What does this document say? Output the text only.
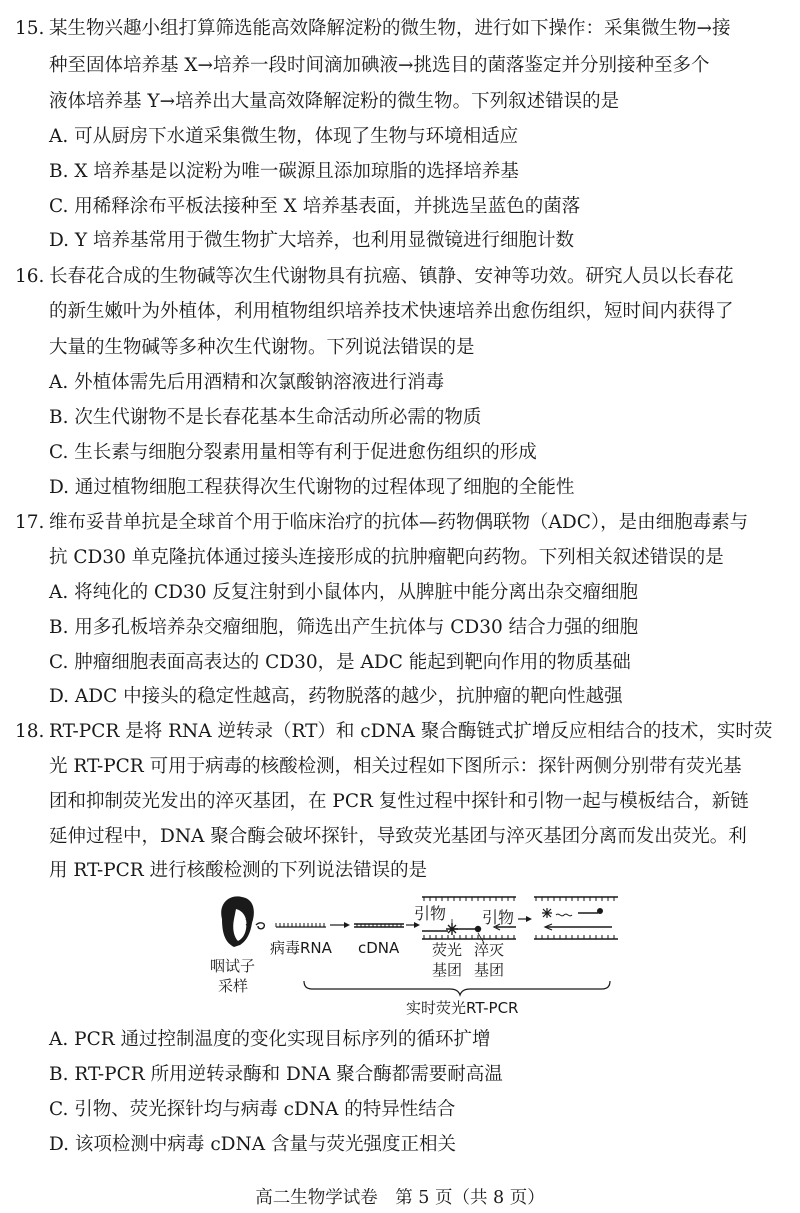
15. 某生物兴趣小组打算筛选能高效降解淀粉的微生物，进行如下操作：采集微生物→接
种至固体培养基 X→培养一段时间滴加碘液→挑选目的菌落鉴定并分别接种至多个
液体培养基 Y→培养出大量高效降解淀粉的微生物。下列叙述错误的是
A. 可从厨房下水道采集微生物，体现了生物与环境相适应
B. X 培养基是以淀粉为唯一碳源且添加琼脂的选择培养基
C. 用稀释涂布平板法接种至 X 培养基表面，并挑选呈蓝色的菌落
D. Y 培养基常用于微生物扩大培养，也利用显微镜进行细胞计数
16. 长春花合成的生物碱等次生代谢物具有抗癌、镇静、安神等功效。研究人员以长春花
的新生嫩叶为外植体，利用植物组织培养技术快速培养出愈伤组织，短时间内获得了
大量的生物碱等多种次生代谢物。下列说法错误的是
A. 外植体需先后用酒精和次氯酸钠溶液进行消毒
B. 次生代谢物不是长春花基本生命活动所必需的物质
C. 生长素与细胞分裂素用量相等有利于促进愈伤组织的形成
D. 通过植物细胞工程获得次生代谢物的过程体现了细胞的全能性
17. 维布妥昔单抗是全球首个用于临床治疗的抗体—药物偶联物（ADC），是由细胞毒素与
抗 CD30 单克隆抗体通过接头连接形成的抗肿瘤靶向药物。下列相关叙述错误的是
A. 将纯化的 CD30 反复注射到小鼠体内，从脾脏中能分离出杂交瘤细胞
B. 用多孔板培养杂交瘤细胞，筛选出产生抗体与 CD30 结合力强的细胞
C. 肿瘤细胞表面高表达的 CD30，是 ADC 能起到靶向作用的物质基础
D. ADC 中接头的稳定性越高，药物脱落的越少，抗肿瘤的靶向性越强
18. RT-PCR 是将 RNA 逆转录（RT）和 cDNA 聚合酶链式扩增反应相结合的技术，实时荧
光 RT-PCR 可用于病毒的核酸检测，相关过程如下图所示：探针两侧分别带有荧光基
团和抑制荧光发出的淬灭基团，在 PCR 复性过程中探针和引物一起与模板结合，新链
延伸过程中，DNA 聚合酶会破坏探针，导致荧光基团与淬灭基团分离而发出荧光。利
用 RT-PCR 进行核酸检测的下列说法错误的是
咽试子
采样
病毒RNA cDNA
引物 引物
荧光
基团
淬灭
基团
实时荧光RT-PCR
A. PCR 通过控制温度的变化实现目标序列的循环扩增
B. RT-PCR 所用逆转录酶和 DNA 聚合酶都需要耐高温
C. 引物、荧光探针均与病毒 cDNA 的特异性结合
D. 该项检测中病毒 cDNA 含量与荧光强度正相关
高二生物学试卷　第 5 页（共 8 页）
